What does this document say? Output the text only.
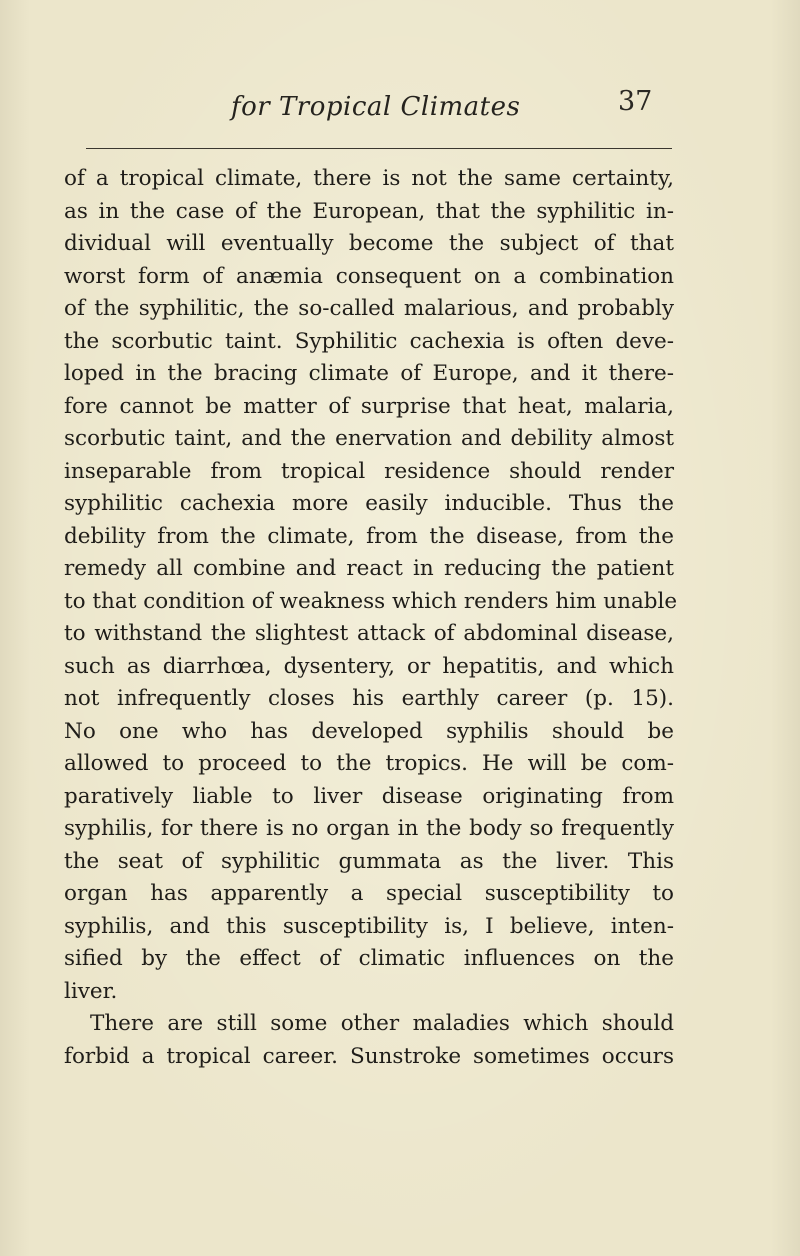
for Tropical Climates	37
of a tropical climate, there is not the same certainty,
as in the case of the European, that the syphilitic in-
dividual will eventually become the subject of that
worst form of anæmia consequent on a combination
of the syphilitic, the so-called malarious, and probably
the scorbutic taint. Syphilitic cachexia is often deve-
loped in the bracing climate of Europe, and it there-
fore cannot be matter of surprise that heat, malaria,
scorbutic taint, and the enervation and debility almost
inseparable from tropical residence should render
syphilitic cachexia more easily inducible. Thus the
debility from the climate, from the disease, from the
remedy all combine and react in reducing the patient
to that condition of weakness which renders him unable
to withstand the slightest attack of abdominal disease,
such as diarrhœa, dysentery, or hepatitis, and which
not infrequently closes his earthly career (p. 15).
No one who has developed syphilis should be
allowed to proceed to the tropics. He will be com-
paratively liable to liver disease originating from
syphilis, for there is no organ in the body so frequently
the seat of syphilitic gummata as the liver. This
organ has apparently a special susceptibility to
syphilis, and this susceptibility is, I believe, inten-
sified by the effect of climatic influences on the
liver.
There are still some other maladies which should
forbid a tropical career. Sunstroke sometimes occurs
